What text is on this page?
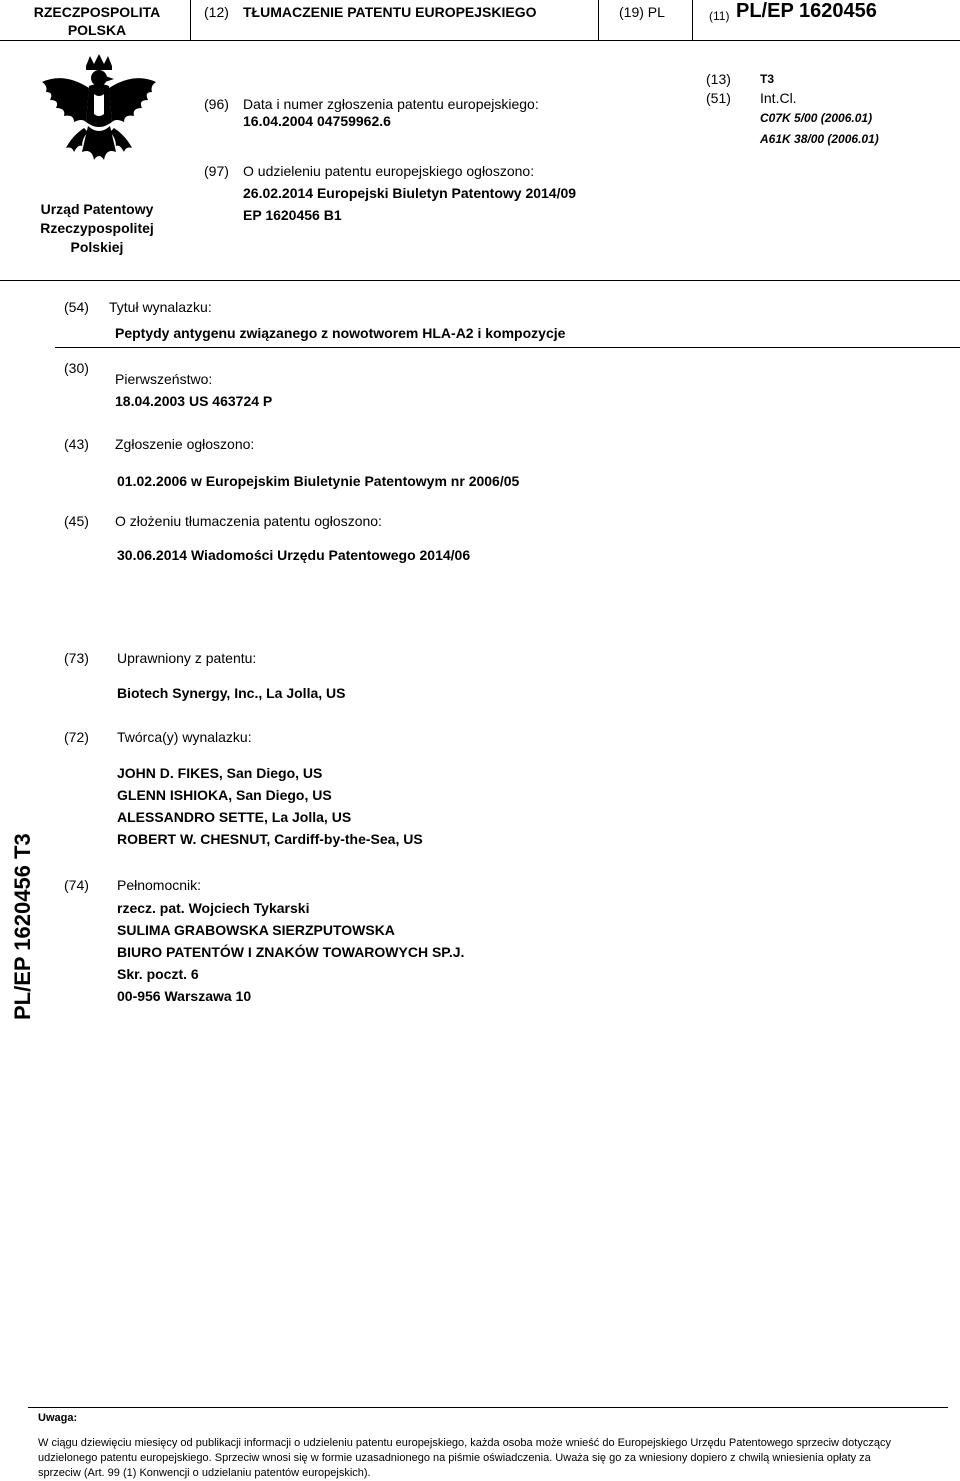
RZECZPOSPOLITA
POLSKA
(12) TŁUMACZENIE PATENTU EUROPEJSKIEGO	(19) PL	(11) PL/EP 1620456
Urząd Patentowy
Rzeczypospolitej
Polskiej
(96) Data i numer zgłoszenia patentu europejskiego:
16.04.2004 04759962.6
(97) O udzieleniu patentu europejskiego ogłoszono:
26.02.2014 Europejski Biuletyn Patentowy 2014/09
EP 1620456 B1
(13) T3
(51) Int.Cl.
C07K 5/00 (2006.01)
A61K 38/00 (2006.01)
(54) Tytuł wynalazku:
Peptydy antygenu związanego z nowotworem HLA-A2 i kompozycje
(30)
Pierwszeństwo:
18.04.2003 US 463724 P
(43) Zgłoszenie ogłoszono:
01.02.2006 w Europejskim Biuletynie Patentowym nr 2006/05
(45) O złożeniu tłumaczenia patentu ogłoszono:
30.06.2014 Wiadomości Urzędu Patentowego 2014/06
(73) Uprawniony z patentu:
Biotech Synergy, Inc., La Jolla, US
(72) Twórca(y) wynalazku:
JOHN D. FIKES, San Diego, US
GLENN ISHIOKA, San Diego, US
ALESSANDRO SETTE, La Jolla, US
ROBERT W. CHESNUT, Cardiff-by-the-Sea, US
(74) Pełnomocnik:
rzecz. pat. Wojciech Tykarski
SULIMA GRABOWSKA SIERZPUTOWSKA
BIURO PATENTÓW I ZNAKÓW TOWAROWYCH SP.J.
Skr. poczt. 6
00-956 Warszawa 10
PL/EP 1620456 T3
Uwaga:
W ciągu dziewięciu miesięcy od publikacji informacji o udzieleniu patentu europejskiego, każda osoba może wnieść do Europejskiego Urzędu Patentowego sprzeciw dotyczący
udzielonego patentu europejskiego. Sprzeciw wnosi się w formie uzasadnionego na piśmie oświadczenia. Uważa się go za wniesiony dopiero z chwilą wniesienia opłaty za
sprzeciw (Art. 99 (1) Konwencji o udzielaniu patentów europejskich).
